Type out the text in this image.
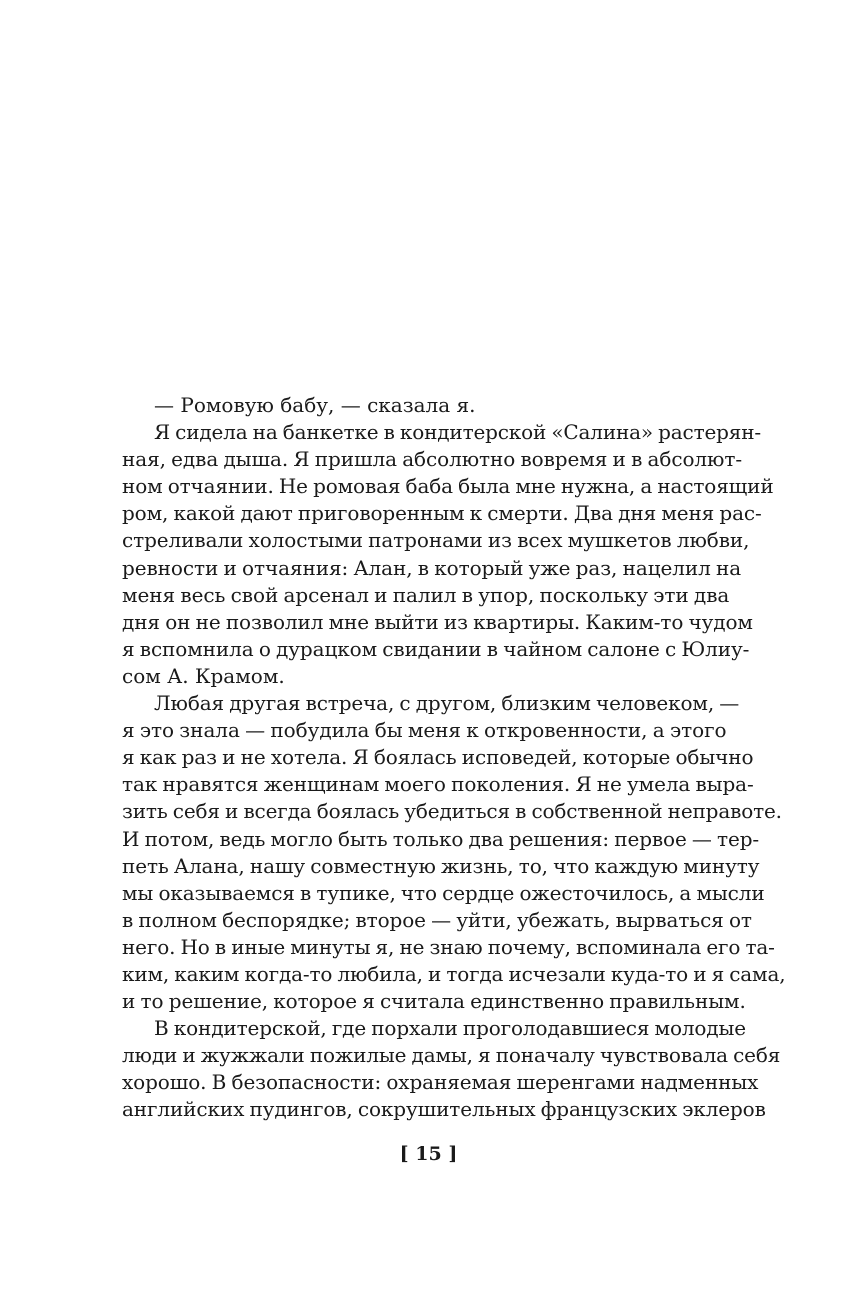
— Ромовую бабу, — сказала я.
Я сидела на банкетке в кондитерской «Салина» растерян-
ная, едва дыша. Я пришла абсолютно вовремя и в абсолют-
ном отчаянии. Не ромовая баба была мне нужна, а настоящий
ром, какой дают приговоренным к смерти. Два дня меня рас-
стреливали холостыми патронами из всех мушкетов любви,
ревности и отчаяния: Алан, в который уже раз, нацелил на
меня весь свой арсенал и палил в упор, поскольку эти два
дня он не позволил мне выйти из квартиры. Каким-то чудом
я вспомнила о дурацком свидании в чайном салоне с Юлиу-
сом А. Крамом.
Любая другая встреча, с другом, близким человеком, —
я это знала — побудила бы меня к откровенности, а этого
я как раз и не хотела. Я боялась исповедей, которые обычно
так нравятся женщинам моего поколения. Я не умела выра-
зить себя и всегда боялась убедиться в собственной неправоте.
И потом, ведь могло быть только два решения: первое — тер-
петь Алана, нашу совместную жизнь, то, что каждую минуту
мы оказываемся в тупике, что сердце ожесточилось, а мысли
в полном беспорядке; второе — уйти, убежать, вырваться от
него. Но в иные минуты я, не знаю почему, вспоминала его та-
ким, каким когда-то любила, и тогда исчезали куда-то и я сама,
и то решение, которое я считала единственно правильным.
В кондитерской, где порхали проголодавшиеся молодые
люди и жужжали пожилые дамы, я поначалу чувствовала себя
хорошо. В безопасности: охраняемая шеренгами надменных
английских пудингов, сокрушительных французских эклеров
[ 15 ]
